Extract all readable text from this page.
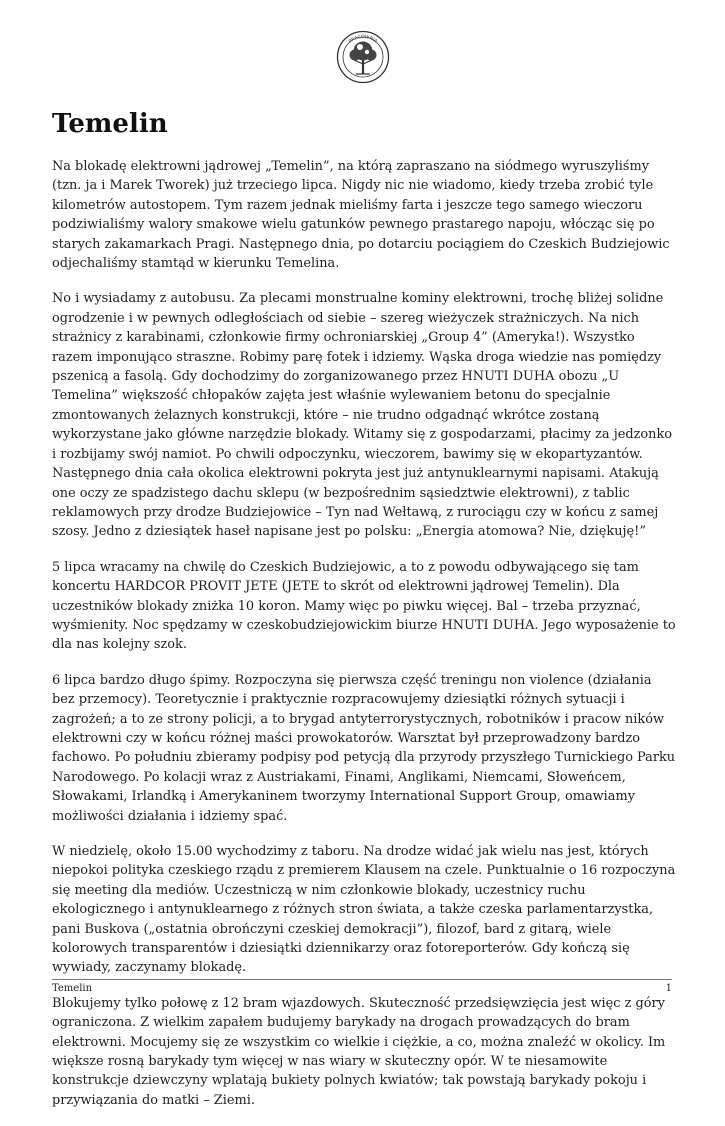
PRACOWNIA
Temelin

Na blokadę elektrowni jądrowej „Temelin”, na którą zapraszano na siódmego wyruszyliśmy (tzn. ja i Marek Tworek) już trzeciego lipca. Nigdy nic nie wiadomo, kiedy trzeba zrobić tyle kilometrów autostopem. Tym razem jednak mieliśmy farta i jeszcze tego samego wieczoru podziwialiśmy walory smakowe wielu gatunków pewnego prastarego napoju, włócząc się po starych zakamarkach Pragi. Następnego dnia, po dotarciu pociągiem do Czeskich Budziejowic odjechaliśmy stamtąd w kierunku Temelina.

No i wysiadamy z autobusu. Za plecami monstrualne kominy elektrowni, trochę bliżej solidne ogrodzenie i w pewnych odległościach od siebie – szereg wieżyczek strażniczych. Na nich strażnicy z karabinami, członkowie firmy ochroniarskiej „Group 4” (Ameryka!). Wszystko razem imponująco straszne. Robimy parę fotek i idziemy. Wąska droga wiedzie nas pomiędzy pszenicą a fasolą. Gdy dochodzimy do zorganizowanego przez HNUTI DUHA obozu „U Temelina” większość chłopaków zajęta jest właśnie wylewaniem betonu do specjalnie zmontowanych żelaznych konstrukcji, które – nie trudno odgadnąć wkrótce zostaną wykorzystane jako główne narzędzie blokady. Witamy się z gospodarzami, płacimy za jedzonko i rozbijamy swój namiot. Po chwili odpoczynku, wieczorem, bawimy się w ekopartyzantów. Następnego dnia cała okolica elektrowni pokryta jest już antynuklearnymi napisami. Atakują one oczy ze spadzistego dachu sklepu (w bezpośrednim sąsiedztwie elektrowni), z tablic reklamowych przy drodze Budziejowice – Tyn nad Wełtawą, z rurociągu czy w końcu z samej szosy. Jedno z dziesiątek haseł napisane jest po polsku: „Energia atomowa? Nie, dziękuję!”

5 lipca wracamy na chwilę do Czeskich Budziejowic, a to z powodu odbywającego się tam koncertu HARDCOR PROVIT JETE (JETE to skrót od elektrowni jądrowej Temelin). Dla uczestników blokady zniżka 10 koron. Mamy więc po piwku więcej. Bal – trzeba przyznać, wyśmienity. Noc spędzamy w czeskobudziejowickim biurze HNUTI DUHA. Jego wyposażenie to dla nas kolejny szok.

6 lipca bardzo długo śpimy. Rozpoczyna się pierwsza część treningu non violence (działania bez przemocy). Teoretycznie i praktycznie rozpracowujemy dziesiątki różnych sytuacji i zagrożeń; a to ze strony policji, a to brygad antyterrorystycznych, robotników i pracow ników elektrowni czy w końcu różnej maści prowokatorów. Warsztat był przeprowadzony bardzo fachowo. Po południu zbieramy podpisy pod petycją dla przyrody przyszłego Turnickiego Parku Narodowego. Po kolacji wraz z Austriakami, Finami, Anglikami, Niemcami, Słoweńcem, Słowakami, Irlandką i Amerykaninem tworzymy International Support Group, omawiamy możliwości działania i idziemy spać.

W niedzielę, około 15.00 wychodzimy z taboru. Na drodze widać jak wielu nas jest, których niepokoi polityka czeskiego rządu z premierem Klausem na czele. Punktualnie o 16 rozpoczyna się meeting dla mediów. Uczestniczą w nim członkowie blokady, uczestnicy ruchu ekologicznego i antynuklearnego z różnych stron świata, a także czeska parlamentarzystka, pani Buskova („ostatnia obrończyni czeskiej demokracji”), filozof, bard z gitarą, wiele kolorowych transparentów i dziesiątki dziennikarzy oraz fotoreporterów. Gdy kończą się wywiady, zaczynamy blokadę.

Blokujemy tylko połowę z 12 bram wjazdowych. Skuteczność przedsięwzięcia jest więc z góry ograniczona. Z wielkim zapałem budujemy barykady na drogach prowadzących do bram elektrowni. Mocujemy się ze wszystkim co wielkie i ciężkie, a co, można znaleźć w okolicy. Im większe rosną barykady tym więcej w nas wiary w skuteczny opór. W te niesamowite konstrukcje dziewczyny wplatają bukiety polnych kwiatów; tak powstają barykady pokoju i przywiązania do matki – Ziemi.

Temelin	1
